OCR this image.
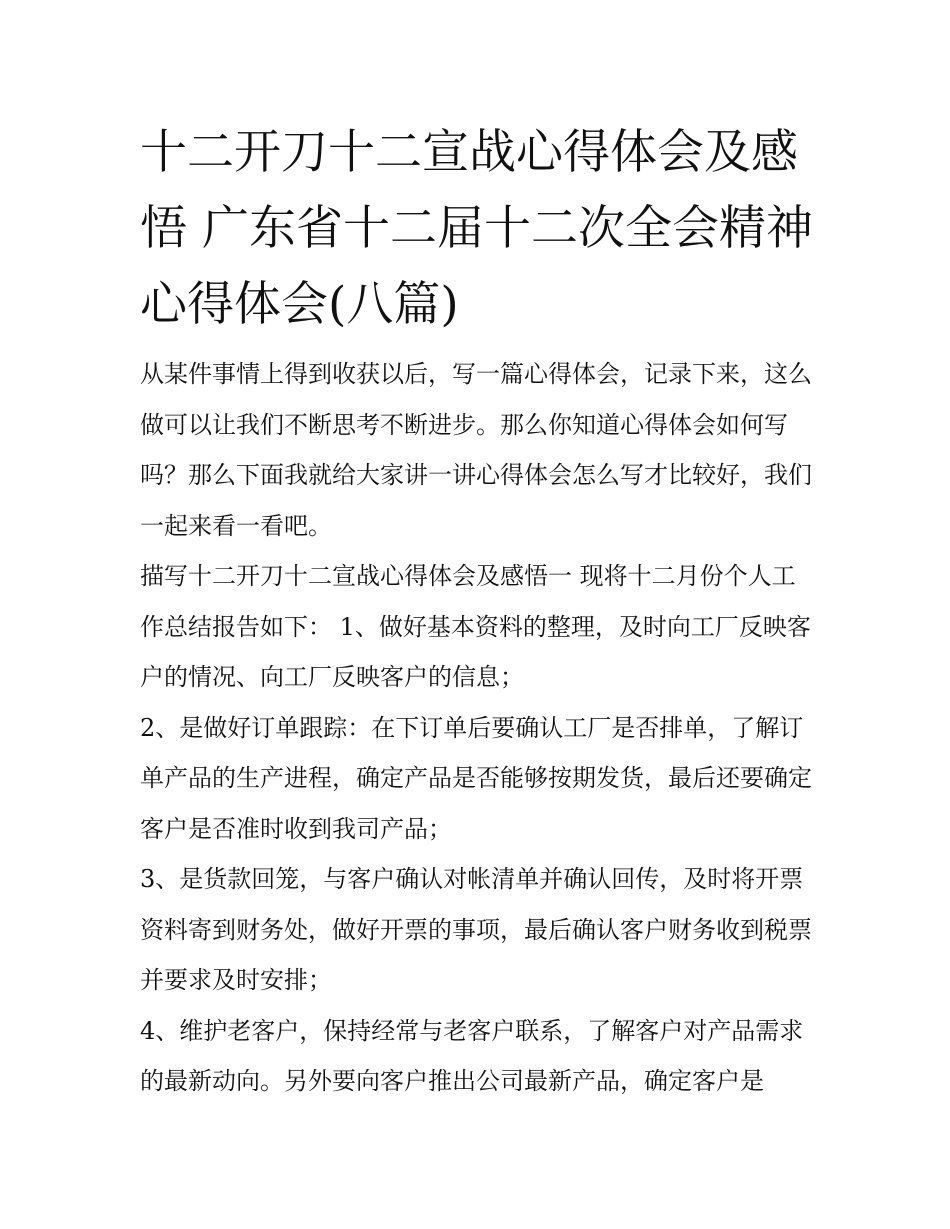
十二开刀十二宣战心得体会及感悟 广东省十二届十二次全会精神心得体会(八篇)

从某件事情上得到收获以后，写一篇心得体会，记录下来，这么做可以让我们不断思考不断进步。那么你知道心得体会如何写吗？那么下面我就给大家讲一讲心得体会怎么写才比较好，我们一起来看一看吧。

描写十二开刀十二宣战心得体会及感悟一 现将十二月份个人工作总结报告如下： 1、做好基本资料的整理，及时向工厂反映客户的情况、向工厂反映客户的信息；

2、是做好订单跟踪：在下订单后要确认工厂是否排单，了解订单产品的生产进程，确定产品是否能够按期发货，最后还要确定客户是否准时收到我司产品；

3、是货款回笼，与客户确认对帐清单并确认回传，及时将开票资料寄到财务处，做好开票的事项，最后确认客户财务收到税票并要求及时安排；

4、维护老客户，保持经常与老客户联系，了解客户对产品需求的最新动向。另外要向客户推出公司最新产品，确定客户是
